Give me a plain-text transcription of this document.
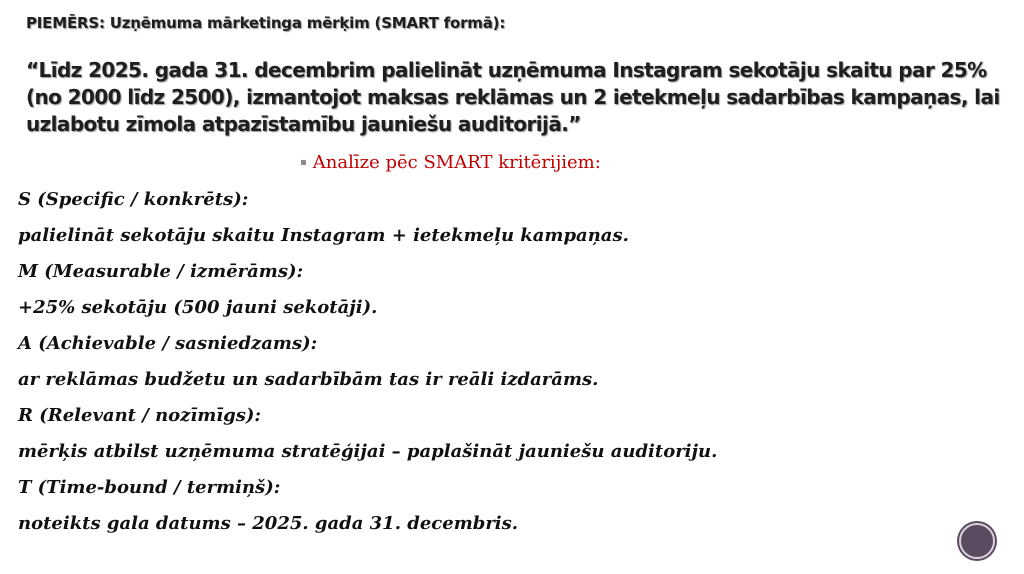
PIEMĒRS: Uzņēmuma mārketinga mērķim (SMART formā):

“Līdz 2025. gada 31. decembrim palielināt uzņēmuma Instagram sekotāju skaitu par 25% (no 2000 līdz 2500), izmantojot maksas reklāmas un 2 ietekmeļu sadarbības kampaņas, lai uzlabotu zīmola atpazīstamību jauniešu auditorijā.”

▪ Analīze pēc SMART kritērijiem:

S (Specific / konkrēts):

palielināt sekotāju skaitu Instagram + ietekmeļu kampaņas.

M (Measurable / izmērāms):

+25% sekotāju (500 jauni sekotāji).

A (Achievable / sasniedzams):

ar reklāmas budžetu un sadarbībām tas ir reāli izdarāms.

R (Relevant / nozīmīgs):

mērķis atbilst uzņēmuma stratēģijai – paplašināt jauniešu auditoriju.

T (Time-bound / termiņš):

noteikts gala datums – 2025. gada 31. decembris.
